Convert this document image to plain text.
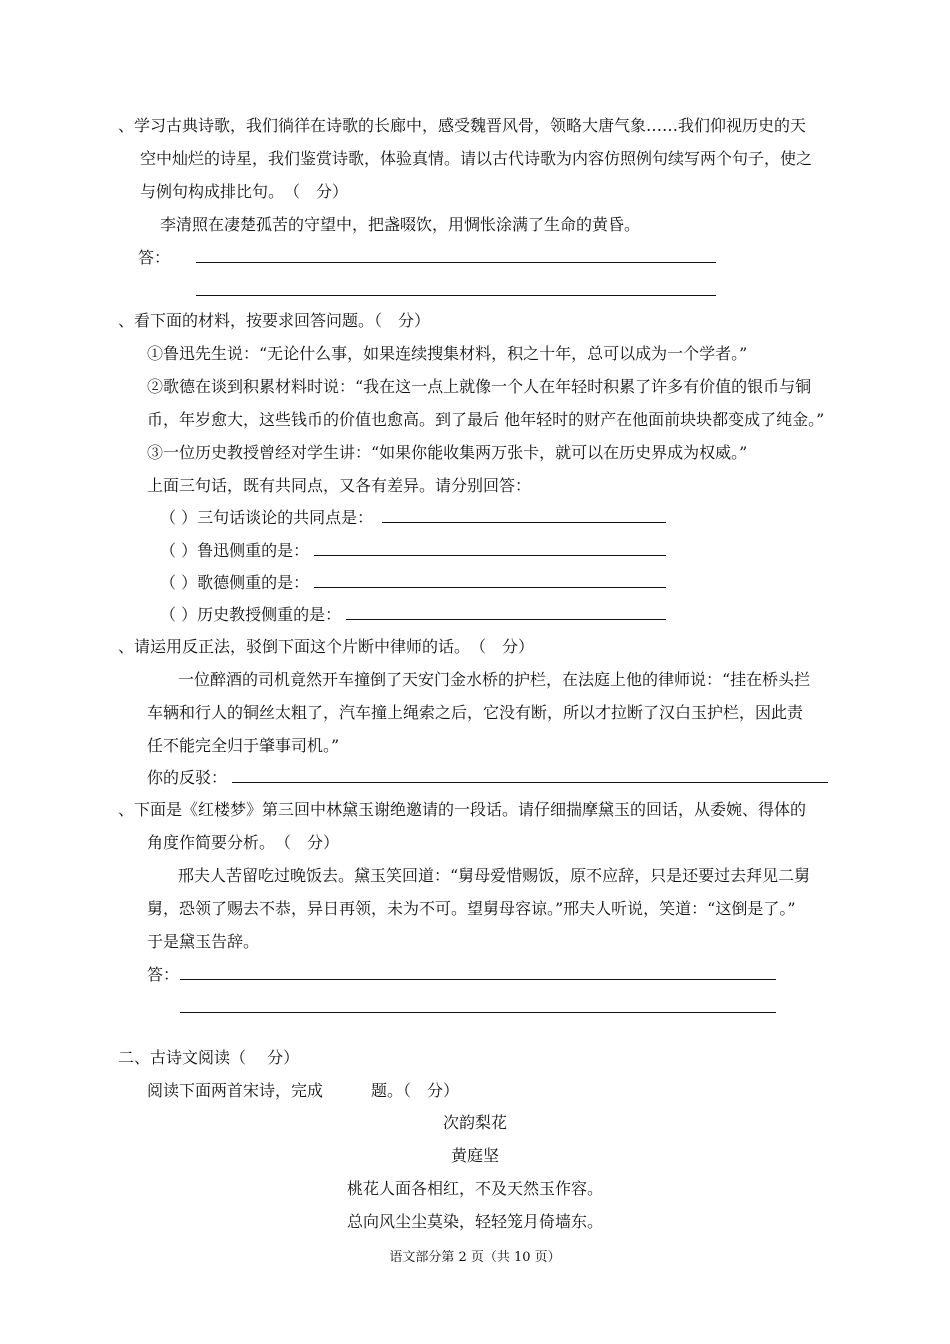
、学习古典诗歌，我们徜徉在诗歌的长廊中，感受魏晋风骨，领略大唐气象……我们仰视历史的天
空中灿烂的诗星，我们鉴赏诗歌，体验真情。请以古代诗歌为内容仿照例句续写两个句子，使之
与例句构成排比句。　（　分）
李清照在凄楚孤苦的守望中，把盏啜饮，用惆怅涂满了生命的黄昏。
答：
、看下面的材料，按要求回答问题。（　分）
①鲁迅先生说：“无论什么事，如果连续搜集材料，积之十年，总可以成为一个学者。”
②歌德在谈到积累材料时说：“我在这一点上就像一个人在年轻时积累了许多有价值的银币与铜
币，年岁愈大，这些钱币的价值也愈高。到了最后 他年轻时的财产在他面前块块都变成了纯金。”
③一位历史教授曾经对学生讲：“如果你能收集两万张卡，就可以在历史界成为权威。”
上面三句话，既有共同点，又各有差异。请分别回答：
（ ）三句话谈论的共同点是：
（ ）鲁迅侧重的是：
（ ）歌德侧重的是：
（ ）历史教授侧重的是：
、请运用反正法，驳倒下面这个片断中律师的话。　（　分）
一位醉酒的司机竟然开车撞倒了天安门金水桥的护栏，在法庭上他的律师说：“挂在桥头拦
车辆和行人的铜丝太粗了，汽车撞上绳索之后，它没有断，所以才拉断了汉白玉护栏，因此责
任不能完全归于肇事司机。”
你的反驳：
、下面是《红楼梦》第三回中林黛玉谢绝邀请的一段话。请仔细揣摩黛玉的回话，从委婉、得体的
角度作简要分析。　（　分）
邢夫人苦留吃过晚饭去。黛玉笑回道：“舅母爱惜赐饭，原不应辞，只是还要过去拜见二舅
舅，恐领了赐去不恭，异日再领，未为不可。望舅母容谅。”邢夫人听说，笑道：“这倒是了。”
于是黛玉告辞。
答：
二、古诗文阅读（　 分）
阅读下面两首宋诗，完成　　　题。（　分）
次韵梨花
黄庭坚
桃花人面各相红，不及天然玉作容。
总向风尘尘莫染，轻轻笼月倚墙东。
语文部分第 2 页（共 10 页）
